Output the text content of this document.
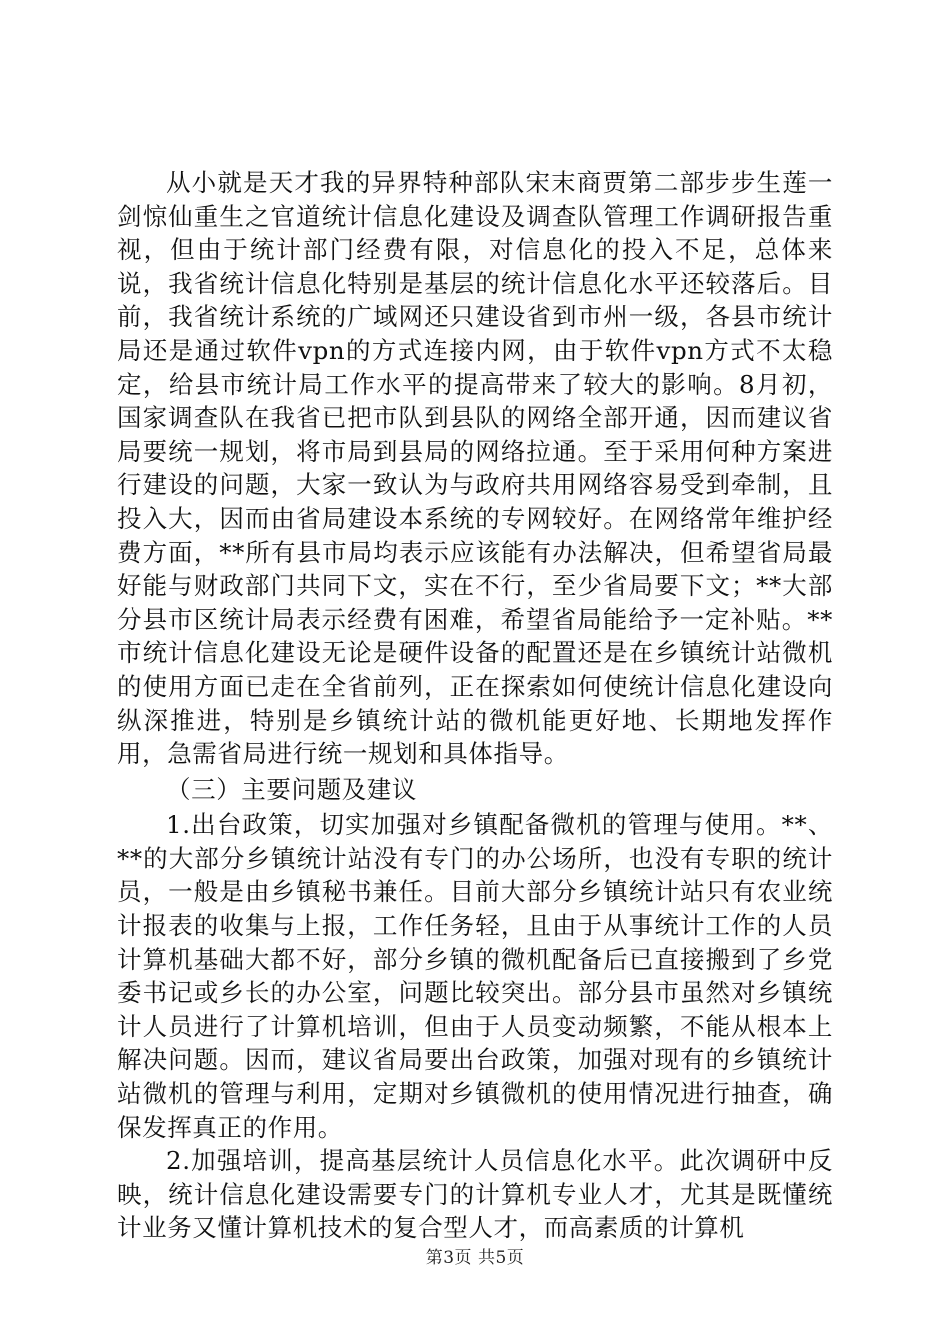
从小就是天才我的异界特种部队宋末商贾第二部步步生莲一剑惊仙重生之官道统计信息化建设及调查队管理工作调研报告重视，但由于统计部门经费有限，对信息化的投入不足，总体来说，我省统计信息化特别是基层的统计信息化水平还较落后。目前，我省统计系统的广域网还只建设省到市州一级，各县市统计局还是通过软件vpn的方式连接内网，由于软件vpn方式不太稳定，给县市统计局工作水平的提高带来了较大的影响。8月初，国家调查队在我省已把市队到县队的网络全部开通，因而建议省局要统一规划，将市局到县局的网络拉通。至于采用何种方案进行建设的问题，大家一致认为与政府共用网络容易受到牵制，且投入大，因而由省局建设本系统的专网较好。在网络常年维护经费方面，**所有县市局均表示应该能有办法解决，但希望省局最好能与财政部门共同下文，实在不行，至少省局要下文；**大部分县市区统计局表示经费有困难，希望省局能给予一定补贴。**市统计信息化建设无论是硬件设备的配置还是在乡镇统计站微机的使用方面已走在全省前列，正在探索如何使统计信息化建设向纵深推进，特别是乡镇统计站的微机能更好地、长期地发挥作用，急需省局进行统一规划和具体指导。

（三）主要问题及建议

1.出台政策，切实加强对乡镇配备微机的管理与使用。**、**的大部分乡镇统计站没有专门的办公场所，也没有专职的统计员，一般是由乡镇秘书兼任。目前大部分乡镇统计站只有农业统计报表的收集与上报，工作任务轻，且由于从事统计工作的人员计算机基础大都不好，部分乡镇的微机配备后已直接搬到了乡党委书记或乡长的办公室，问题比较突出。部分县市虽然对乡镇统计人员进行了计算机培训，但由于人员变动频繁，不能从根本上解决问题。因而，建议省局要出台政策，加强对现有的乡镇统计站微机的管理与利用，定期对乡镇微机的使用情况进行抽查，确保发挥真正的作用。

2.加强培训，提高基层统计人员信息化水平。此次调研中反映，统计信息化建设需要专门的计算机专业人才，尤其是既懂统计业务又懂计算机技术的复合型人才，而高素质的计算机

第3页 共5页
